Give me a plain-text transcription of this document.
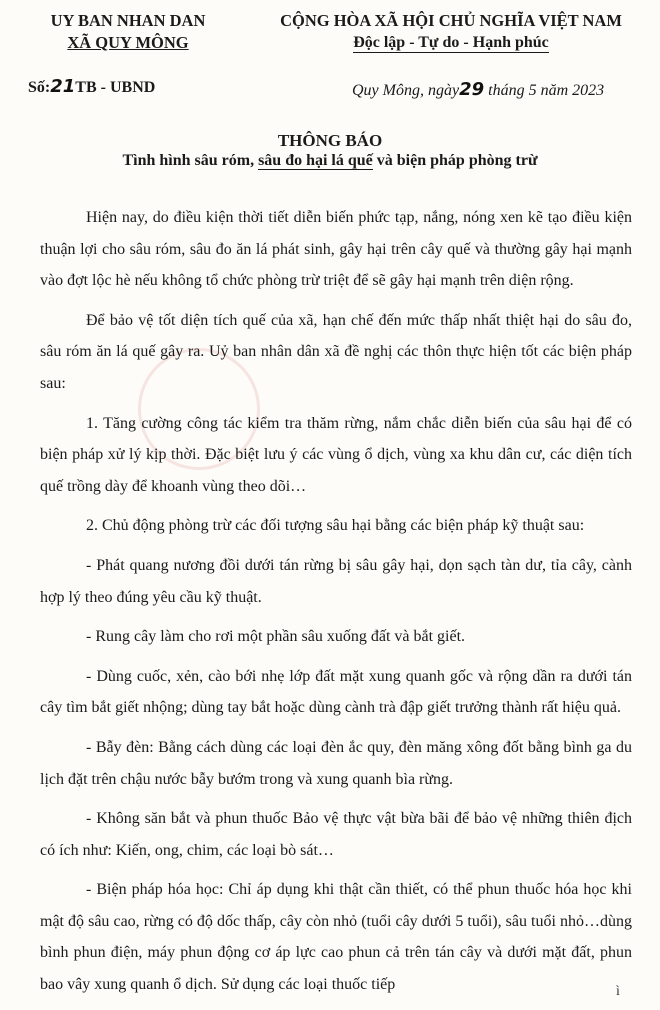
UY BAN NHAN DAN
XÃ QUY MÔNG
CỘNG HÒA XÃ HỘI CHỦ NGHĨA VIỆT NAM
Độc lập - Tự do - Hạnh phúc
Số:21TB - UBND	Quy Mông, ngày29 tháng 5 năm 2023
THÔNG BÁO
Tình hình sâu róm, sâu đo hại lá quế và biện pháp phòng trừ

Hiện nay, do điều kiện thời tiết diễn biến phức tạp, nắng, nóng xen kẽ tạo điều kiện thuận lợi cho sâu róm, sâu đo ăn lá phát sinh, gây hại trên cây quế và thường gây hại mạnh vào đợt lộc hè nếu không tổ chức phòng trừ triệt để sẽ gây hại mạnh trên diện rộng.

Để bảo vệ tốt diện tích quế của xã, hạn chế đến mức thấp nhất thiệt hại do sâu đo, sâu róm ăn lá quế gây ra. Uỷ ban nhân dân xã đề nghị các thôn thực hiện tốt các biện pháp sau:

1. Tăng cường công tác kiểm tra thăm rừng, nắm chắc diễn biến của sâu hại để có biện pháp xử lý kịp thời. Đặc biệt lưu ý các vùng ổ dịch, vùng xa khu dân cư, các diện tích quế trồng dày để khoanh vùng theo dõi…

2. Chủ động phòng trừ các đối tượng sâu hại bằng các biện pháp kỹ thuật sau:

- Phát quang nương đồi dưới tán rừng bị sâu gây hại, dọn sạch tàn dư, tỉa cây, cành hợp lý theo đúng yêu cầu kỹ thuật.

- Rung cây làm cho rơi một phần sâu xuống đất và bắt giết.

- Dùng cuốc, xẻn, cào bới nhẹ lớp đất mặt xung quanh gốc và rộng dần ra dưới tán cây tìm bắt giết nhộng; dùng tay bắt hoặc dùng cành trà đập giết trưởng thành rất hiệu quả.

- Bẫy đèn: Bằng cách dùng các loại đèn ắc quy, đèn măng xông đốt bằng bình ga du lịch đặt trên chậu nước bẫy bướm trong và xung quanh bìa rừng.

- Không săn bắt và phun thuốc Bảo vệ thực vật bừa bãi để bảo vệ những thiên địch có ích như: Kiến, ong, chim, các loại bò sát…

- Biện pháp hóa học: Chỉ áp dụng khi thật cần thiết, có thể phun thuốc hóa học khi mật độ sâu cao, rừng có độ dốc thấp, cây còn nhỏ (tuổi cây dưới 5 tuổi), sâu tuổi nhỏ…dùng bình phun điện, máy phun động cơ áp lực cao phun cả trên tán cây và dưới mặt đất, phun bao vây xung quanh ổ dịch. Sử dụng các loại thuốc tiếp	ì
